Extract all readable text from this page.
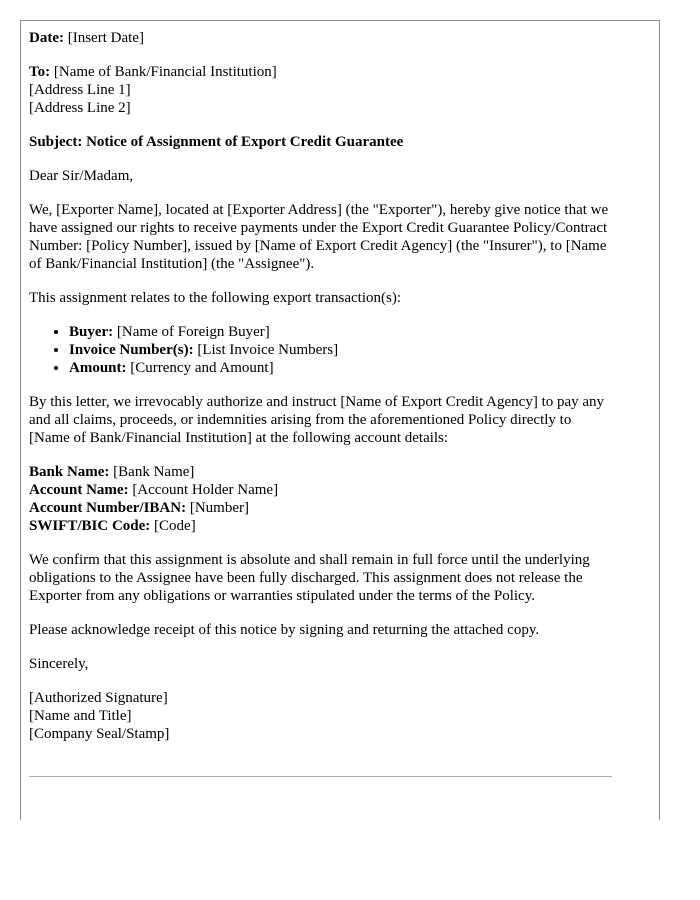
Date: [Insert Date]

To: [Name of Bank/Financial Institution]
[Address Line 1]
[Address Line 2]

Subject: Notice of Assignment of Export Credit Guarantee

Dear Sir/Madam,

We, [Exporter Name], located at [Exporter Address] (the "Exporter"), hereby give notice that we have assigned our rights to receive payments under the Export Credit Guarantee Policy/Contract Number: [Policy Number], issued by [Name of Export Credit Agency] (the "Insurer"), to [Name of Bank/Financial Institution] (the "Assignee").

This assignment relates to the following export transaction(s):

• Buyer: [Name of Foreign Buyer]
• Invoice Number(s): [List Invoice Numbers]
• Amount: [Currency and Amount]

By this letter, we irrevocably authorize and instruct [Name of Export Credit Agency] to pay any and all claims, proceeds, or indemnities arising from the aforementioned Policy directly to [Name of Bank/Financial Institution] at the following account details:

Bank Name: [Bank Name]
Account Name: [Account Holder Name]
Account Number/IBAN: [Number]
SWIFT/BIC Code: [Code]

We confirm that this assignment is absolute and shall remain in full force until the underlying obligations to the Assignee have been fully discharged. This assignment does not release the Exporter from any obligations or warranties stipulated under the terms of the Policy.

Please acknowledge receipt of this notice by signing and returning the attached copy.

Sincerely,

[Authorized Signature]
[Name and Title]
[Company Seal/Stamp]
